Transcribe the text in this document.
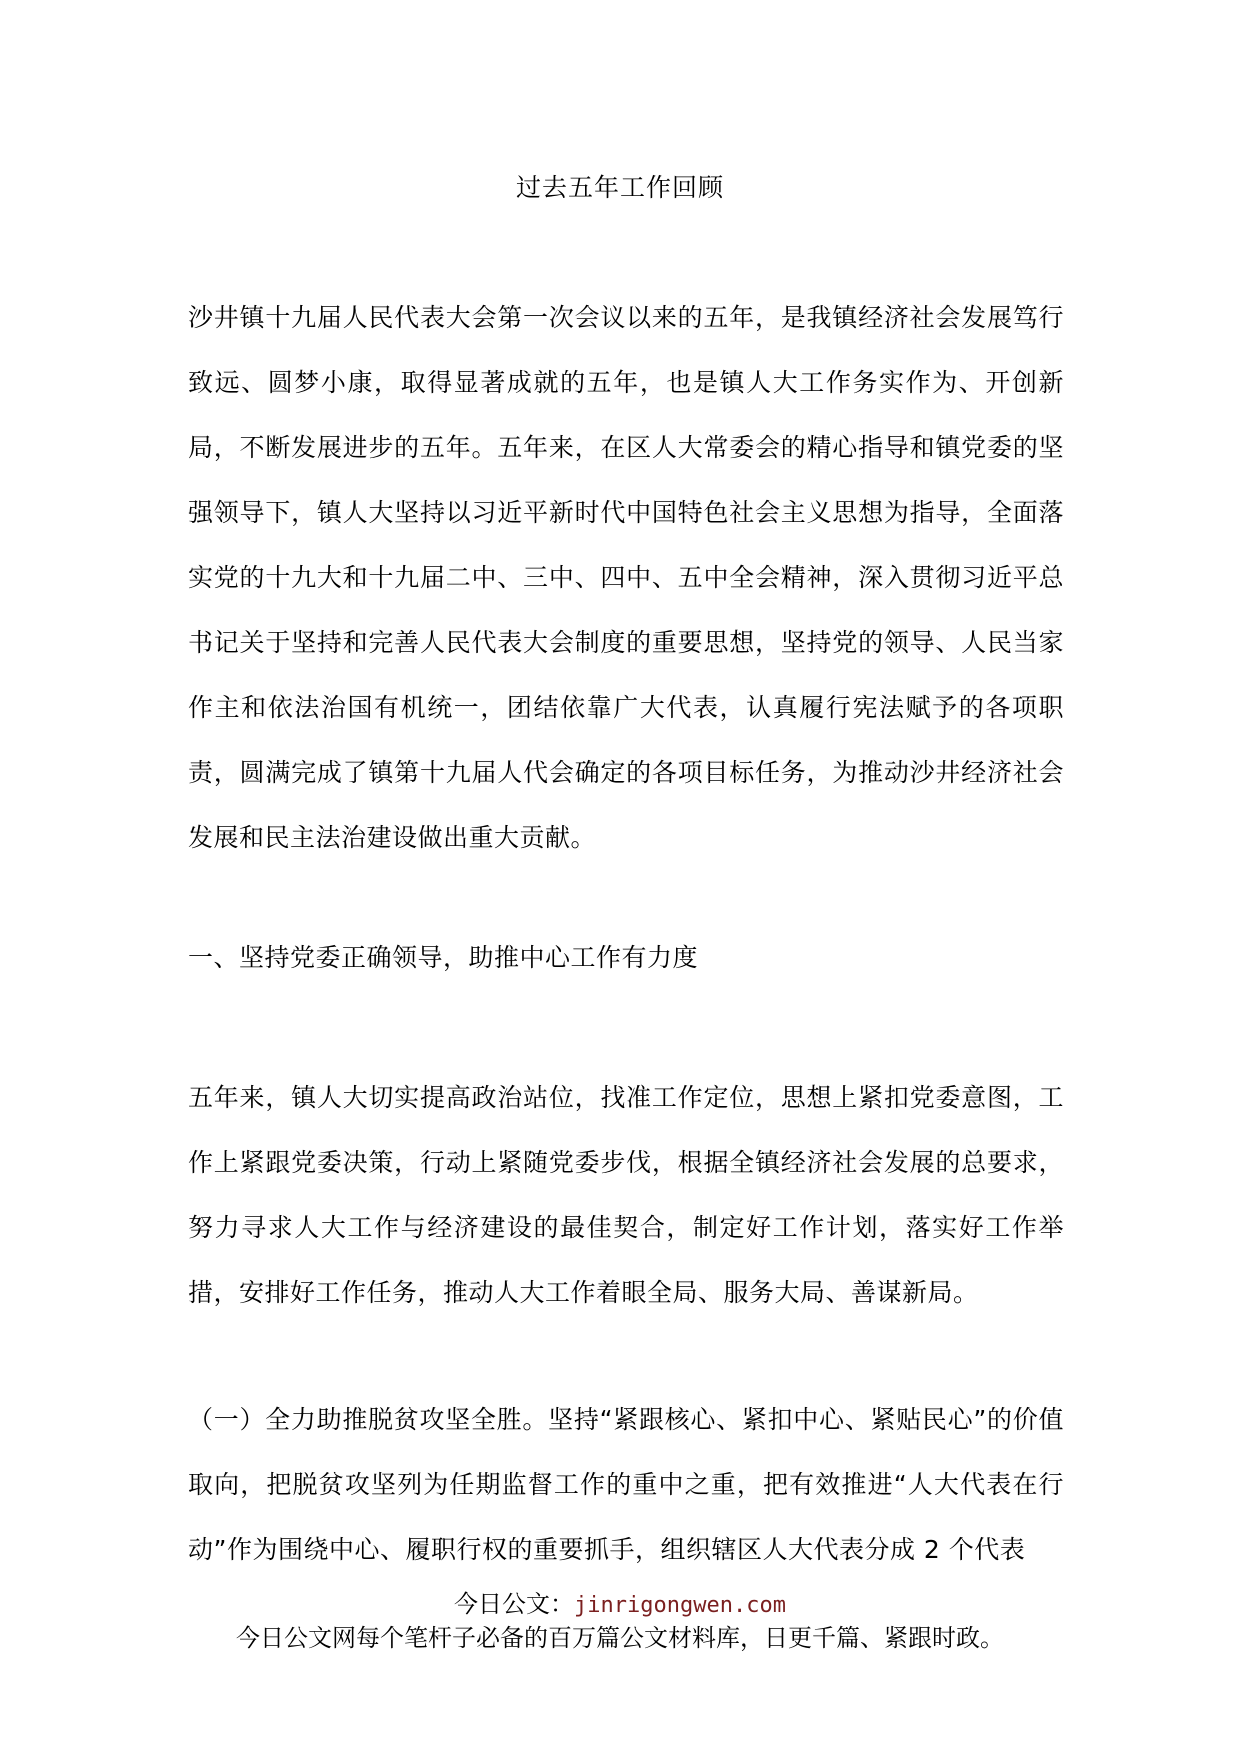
过去五年工作回顾

沙井镇十九届人民代表大会第一次会议以来的五年，是我镇经济社会发展笃行致远、圆梦小康，取得显著成就的五年，也是镇人大工作务实作为、开创新局，不断发展进步的五年。五年来，在区人大常委会的精心指导和镇党委的坚强领导下，镇人大坚持以习近平新时代中国特色社会主义思想为指导，全面落实党的十九大和十九届二中、三中、四中、五中全会精神，深入贯彻习近平总书记关于坚持和完善人民代表大会制度的重要思想，坚持党的领导、人民当家作主和依法治国有机统一，团结依靠广大代表，认真履行宪法赋予的各项职责，圆满完成了镇第十九届人代会确定的各项目标任务，为推动沙井经济社会发展和民主法治建设做出重大贡献。

一、坚持党委正确领导，助推中心工作有力度

五年来，镇人大切实提高政治站位，找准工作定位，思想上紧扣党委意图，工作上紧跟党委决策，行动上紧随党委步伐，根据全镇经济社会发展的总要求，努力寻求人大工作与经济建设的最佳契合，制定好工作计划，落实好工作举措，安排好工作任务，推动人大工作着眼全局、服务大局、善谋新局。

（一）全力助推脱贫攻坚全胜。坚持“紧跟核心、紧扣中心、紧贴民心”的价值取向，把脱贫攻坚列为任期监督工作的重中之重，把有效推进“人大代表在行动”作为围绕中心、履职行权的重要抓手，组织辖区人大代表分成 2 个代表

今日公文：jinrigongwen.com
今日公文网每个笔杆子必备的百万篇公文材料库，日更千篇、紧跟时政。
